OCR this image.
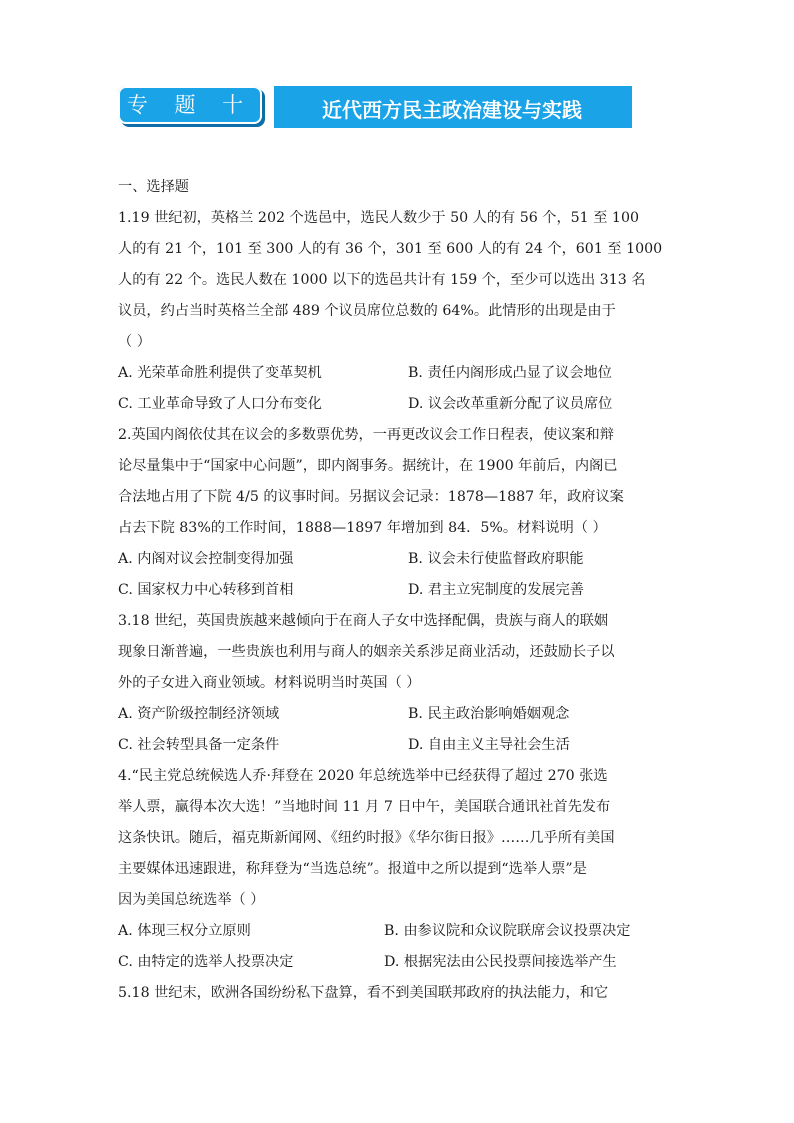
专 题 十	近代西方民主政治建设与实践
一、选择题
1.19 世纪初，英格兰 202 个选邑中，选民人数少于 50 人的有 56 个，51 至 100
人的有 21 个，101 至 300 人的有 36 个，301 至 600 人的有 24 个，601 至 1000
人的有 22 个。选民人数在 1000 以下的选邑共计有 159 个，至少可以选出 313 名
议员，约占当时英格兰全部 489 个议员席位总数的 64%。此情形的出现是由于
（ ）
A. 光荣革命胜利提供了变革契机	B. 责任内阁形成凸显了议会地位
C. 工业革命导致了人口分布变化	D. 议会改革重新分配了议员席位
2.英国内阁依仗其在议会的多数票优势，一再更改议会工作日程表，使议案和辩
论尽量集中于“国家中心问题”，即内阁事务。据统计，在 1900 年前后，内阁已
合法地占用了下院 4/5 的议事时间。另据议会记录：1878—1887 年，政府议案
占去下院 83%的工作时间，1888—1897 年增加到 84．5%。材料说明（ ）
A. 内阁对议会控制变得加强	B. 议会未行使监督政府职能
C. 国家权力中心转移到首相	D. 君主立宪制度的发展完善
3.18 世纪，英国贵族越来越倾向于在商人子女中选择配偶，贵族与商人的联姻
现象日渐普遍，一些贵族也利用与商人的姻亲关系涉足商业活动，还鼓励长子以
外的子女进入商业领域。材料说明当时英国（ ）
A. 资产阶级控制经济领域	B. 民主政治影响婚姻观念
C. 社会转型具备一定条件	D. 自由主义主导社会生活
4.“民主党总统候选人乔·拜登在 2020 年总统选举中已经获得了超过 270 张选
举人票，赢得本次大选！”当地时间 11 月 7 日中午，美国联合通讯社首先发布
这条快讯。随后，福克斯新闻网、《纽约时报》《华尔街日报》……几乎所有美国
主要媒体迅速跟进，称拜登为“当选总统”。报道中之所以提到“选举人票”是
因为美国总统选举（ ）
A. 体现三权分立原则	B. 由参议院和众议院联席会议投票决定
C. 由特定的选举人投票决定	D. 根据宪法由公民投票间接选举产生
5.18 世纪末，欧洲各国纷纷私下盘算，看不到美国联邦政府的执法能力，和它
